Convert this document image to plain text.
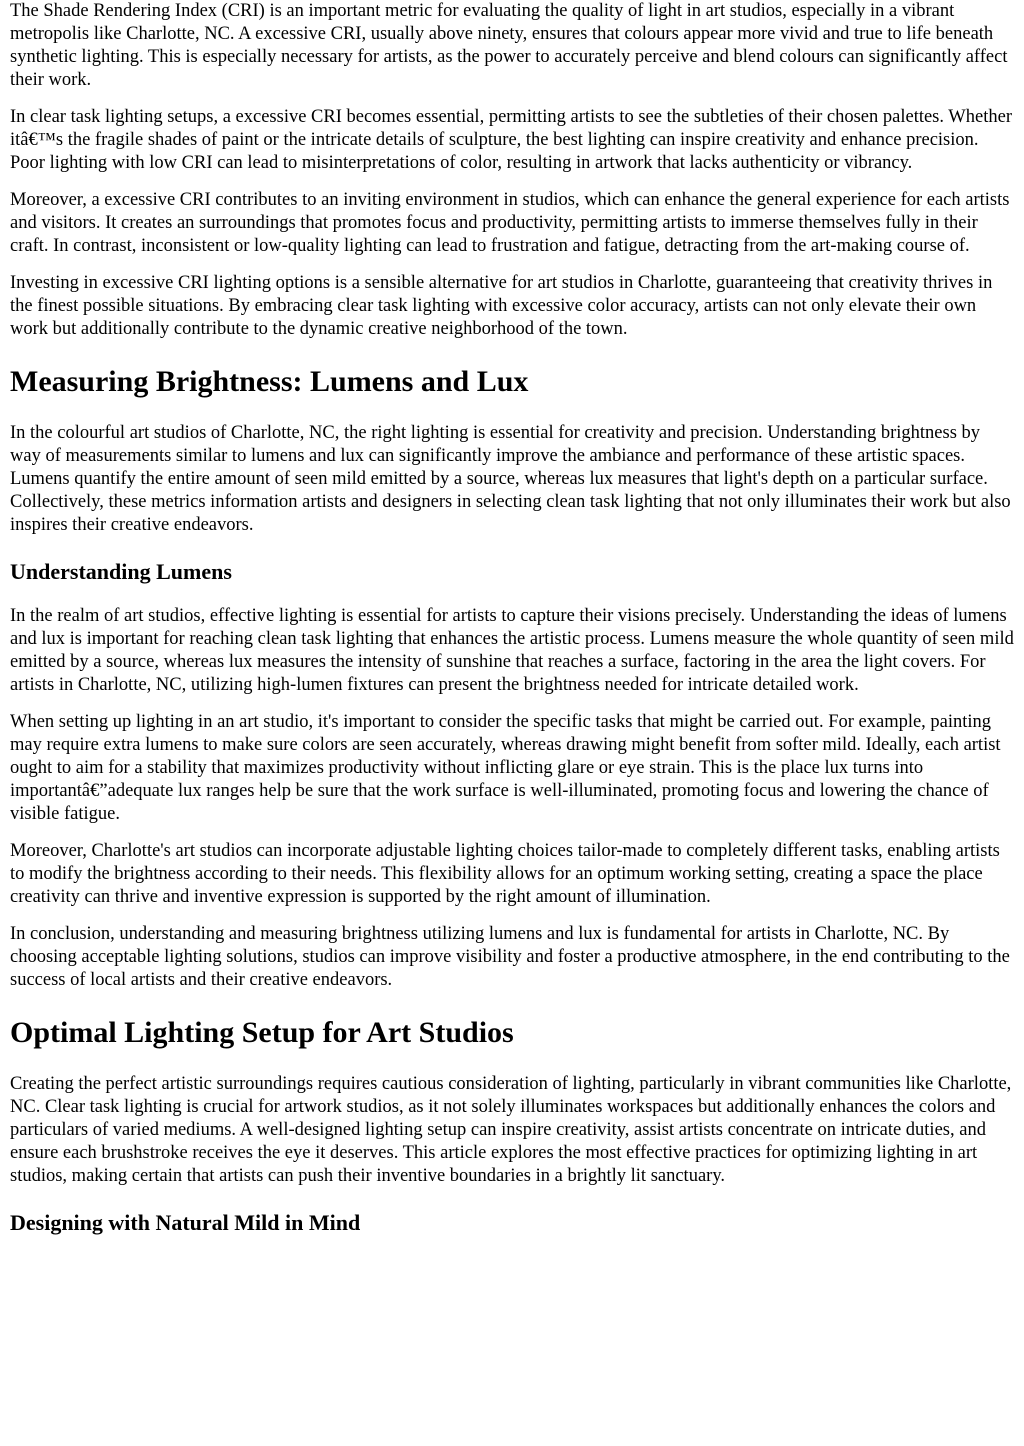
The Shade Rendering Index (CRI) is an important metric for evaluating the quality of light in art studios, especially in a vibrant metropolis like Charlotte, NC. A excessive CRI, usually above ninety, ensures that colours appear more vivid and true to life beneath synthetic lighting. This is especially necessary for artists, as the power to accurately perceive and blend colours can significantly affect their work.

In clear task lighting setups, a excessive CRI becomes essential, permitting artists to see the subtleties of their chosen palettes. Whether itâ€™s the fragile shades of paint or the intricate details of sculpture, the best lighting can inspire creativity and enhance precision. Poor lighting with low CRI can lead to misinterpretations of color, resulting in artwork that lacks authenticity or vibrancy.

Moreover, a excessive CRI contributes to an inviting environment in studios, which can enhance the general experience for each artists and visitors. It creates an surroundings that promotes focus and productivity, permitting artists to immerse themselves fully in their craft. In contrast, inconsistent or low-quality lighting can lead to frustration and fatigue, detracting from the art-making course of.

Investing in excessive CRI lighting options is a sensible alternative for art studios in Charlotte, guaranteeing that creativity thrives in the finest possible situations. By embracing clear task lighting with excessive color accuracy, artists can not only elevate their own work but additionally contribute to the dynamic creative neighborhood of the town.

Measuring Brightness: Lumens and Lux

In the colourful art studios of Charlotte, NC, the right lighting is essential for creativity and precision. Understanding brightness by way of measurements similar to lumens and lux can significantly improve the ambiance and performance of these artistic spaces. Lumens quantify the entire amount of seen mild emitted by a source, whereas lux measures that light's depth on a particular surface. Collectively, these metrics information artists and designers in selecting clean task lighting that not only illuminates their work but also inspires their creative endeavors.

Understanding Lumens

In the realm of art studios, effective lighting is essential for artists to capture their visions precisely. Understanding the ideas of lumens and lux is important for reaching clean task lighting that enhances the artistic process. Lumens measure the whole quantity of seen mild emitted by a source, whereas lux measures the intensity of sunshine that reaches a surface, factoring in the area the light covers. For artists in Charlotte, NC, utilizing high-lumen fixtures can present the brightness needed for intricate detailed work.

When setting up lighting in an art studio, it's important to consider the specific tasks that might be carried out. For example, painting may require extra lumens to make sure colors are seen accurately, whereas drawing might benefit from softer mild. Ideally, each artist ought to aim for a stability that maximizes productivity without inflicting glare or eye strain. This is the place lux turns into importantâ€”adequate lux ranges help be sure that the work surface is well-illuminated, promoting focus and lowering the chance of visible fatigue.

Moreover, Charlotte's art studios can incorporate adjustable lighting choices tailor-made to completely different tasks, enabling artists to modify the brightness according to their needs. This flexibility allows for an optimum working setting, creating a space the place creativity can thrive and inventive expression is supported by the right amount of illumination.

In conclusion, understanding and measuring brightness utilizing lumens and lux is fundamental for artists in Charlotte, NC. By choosing acceptable lighting solutions, studios can improve visibility and foster a productive atmosphere, in the end contributing to the success of local artists and their creative endeavors.

Optimal Lighting Setup for Art Studios

Creating the perfect artistic surroundings requires cautious consideration of lighting, particularly in vibrant communities like Charlotte, NC. Clear task lighting is crucial for artwork studios, as it not solely illuminates workspaces but additionally enhances the colors and particulars of varied mediums. A well-designed lighting setup can inspire creativity, assist artists concentrate on intricate duties, and ensure each brushstroke receives the eye it deserves. This article explores the most effective practices for optimizing lighting in art studios, making certain that artists can push their inventive boundaries in a brightly lit sanctuary.

Designing with Natural Mild in Mind
